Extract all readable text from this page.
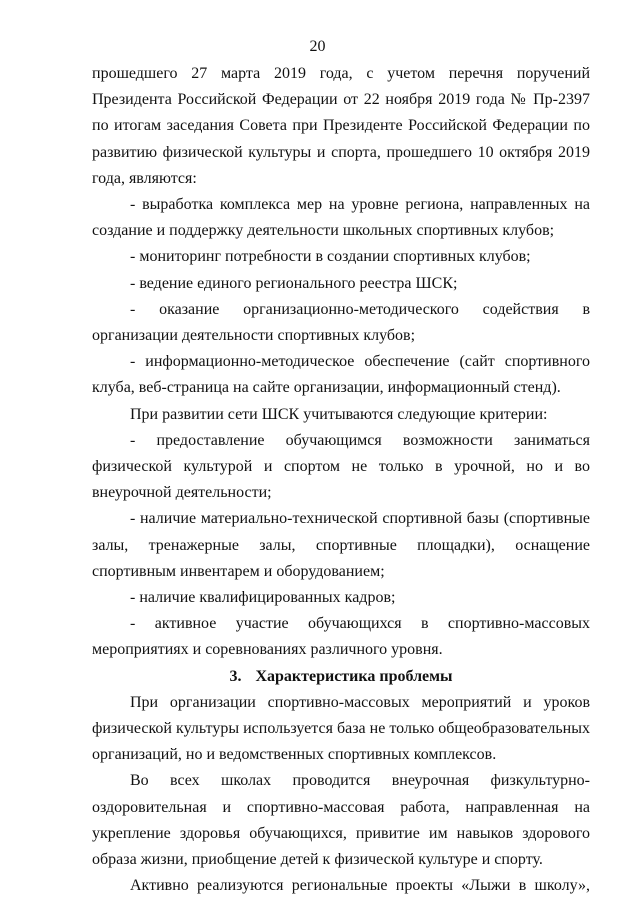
20

прошедшего 27 марта 2019 года, с учетом перечня поручений Президента Российской Федерации от 22 ноября 2019 года № Пр-2397 по итогам заседания Совета при Президенте Российской Федерации по развитию физической культуры и спорта, прошедшего 10 октября 2019 года, являются:

- выработка комплекса мер на уровне региона, направленных на создание и поддержку деятельности школьных спортивных клубов;

- мониторинг потребности в создании спортивных клубов;

- ведение единого регионального реестра ШСК;

- оказание организационно-методического содействия в организации деятельности спортивных клубов;

- информационно-методическое обеспечение (сайт спортивного клуба, веб-страница на сайте организации, информационный стенд).

При развитии сети ШСК учитываются следующие критерии:

- предоставление обучающимся возможности заниматься физической культурой и спортом не только в урочной, но и во внеурочной деятельности;

- наличие материально-технической спортивной базы (спортивные залы, тренажерные залы, спортивные площадки), оснащение спортивным инвентарем и оборудованием;

- наличие квалифицированных кадров;

- активное участие обучающихся в спортивно-массовых мероприятиях и соревнованиях различного уровня.

3. Характеристика проблемы

При организации спортивно-массовых мероприятий и уроков физической культуры используется база не только общеобразовательных организаций, но и ведомственных спортивных комплексов.

Во всех школах проводится внеурочная физкультурно-оздоровительная и спортивно-массовая работа, направленная на укрепление здоровья обучающихся, привитие им навыков здорового образа жизни, приобщение детей к физической культуре и спорту.

Активно реализуются региональные проекты «Лыжи в школу»,
